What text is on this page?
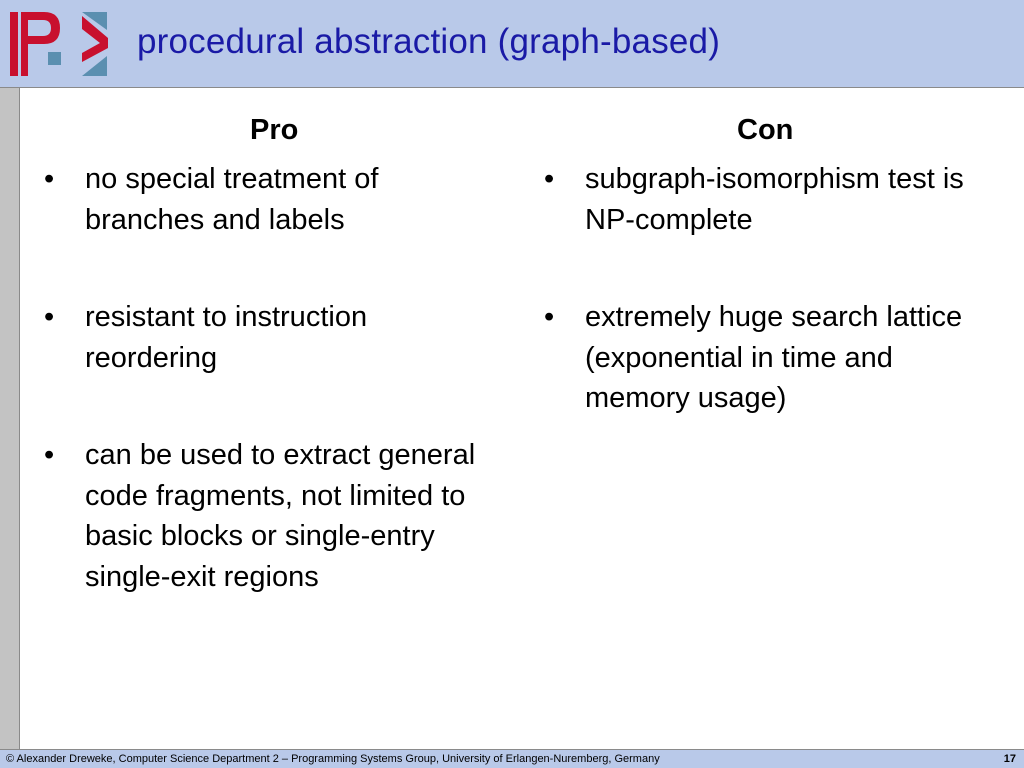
procedural abstraction (graph-based)
Pro
• no special treatment of branches and labels
• resistant to instruction reordering
• can be used to extract general code fragments, not limited to basic blocks or single-entry single-exit regions
Con
• subgraph-isomorphism test is NP-complete
• extremely huge search lattice (exponential in time and memory usage)
© Alexander Dreweke, Computer Science Department 2 – Programming Systems Group, University of Erlangen-Nuremberg, Germany	17
